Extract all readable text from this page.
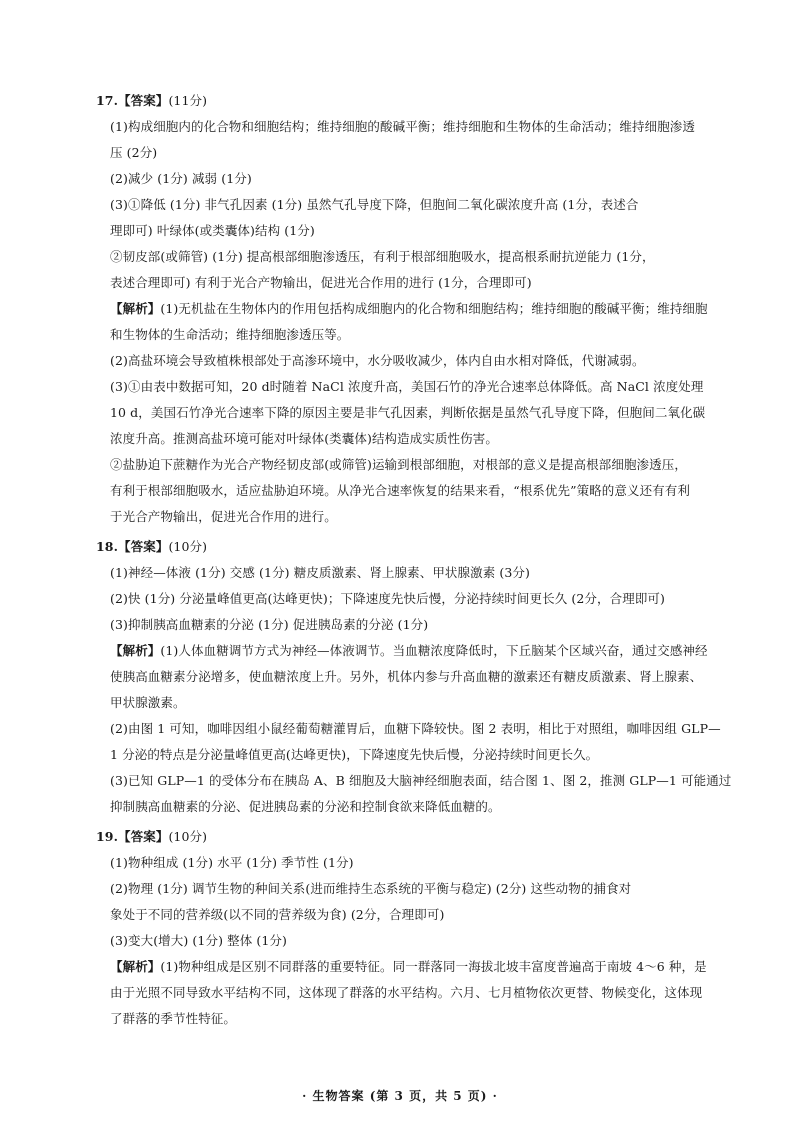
17.【答案】(11分)
(1)构成细胞内的化合物和细胞结构；维持细胞的酸碱平衡；维持细胞和生物体的生命活动；维持细胞渗透
压 (2分)
(2)减少 (1分) 减弱 (1分)
(3)①降低 (1分) 非气孔因素 (1分) 虽然气孔导度下降，但胞间二氧化碳浓度升高 (1分，表述合
理即可) 叶绿体(或类囊体)结构 (1分)
②韧皮部(或筛管) (1分) 提高根部细胞渗透压，有利于根部细胞吸水，提高根系耐抗逆能力 (1分，
表述合理即可) 有利于光合产物输出，促进光合作用的进行 (1分，合理即可)
【解析】(1)无机盐在生物体内的作用包括构成细胞内的化合物和细胞结构；维持细胞的酸碱平衡；维持细胞
和生物体的生命活动；维持细胞渗透压等。
(2)高盐环境会导致植株根部处于高渗环境中，水分吸收减少，体内自由水相对降低，代谢减弱。
(3)①由表中数据可知，20 d时随着 NaCl 浓度升高，美国石竹的净光合速率总体降低。高 NaCl 浓度处理
10 d，美国石竹净光合速率下降的原因主要是非气孔因素，判断依据是虽然气孔导度下降，但胞间二氧化碳
浓度升高。推测高盐环境可能对叶绿体(类囊体)结构造成实质性伤害。
②盐胁迫下蔗糖作为光合产物经韧皮部(或筛管)运输到根部细胞，对根部的意义是提高根部细胞渗透压，
有利于根部细胞吸水，适应盐胁迫环境。从净光合速率恢复的结果来看，“根系优先”策略的意义还有有利
于光合产物输出，促进光合作用的进行。
18.【答案】(10分)
(1)神经—体液 (1分) 交感 (1分) 糖皮质激素、肾上腺素、甲状腺激素 (3分)
(2)快 (1分) 分泌量峰值更高(达峰更快)；下降速度先快后慢，分泌持续时间更长久 (2分，合理即可)
(3)抑制胰高血糖素的分泌 (1分) 促进胰岛素的分泌 (1分)
【解析】(1)人体血糖调节方式为神经—体液调节。当血糖浓度降低时，下丘脑某个区域兴奋，通过交感神经
使胰高血糖素分泌增多，使血糖浓度上升。另外，机体内参与升高血糖的激素还有糖皮质激素、肾上腺素、
甲状腺激素。
(2)由图 1 可知，咖啡因组小鼠经葡萄糖灌胃后，血糖下降较快。图 2 表明，相比于对照组，咖啡因组 GLP—
1 分泌的特点是分泌量峰值更高(达峰更快)，下降速度先快后慢，分泌持续时间更长久。
(3)已知 GLP—1 的受体分布在胰岛 A、B 细胞及大脑神经细胞表面，结合图 1、图 2，推测 GLP—1 可能通过
抑制胰高血糖素的分泌、促进胰岛素的分泌和控制食欲来降低血糖的。
19.【答案】(10分)
(1)物种组成 (1分) 水平 (1分) 季节性 (1分)
(2)物理 (1分) 调节生物的种间关系(进而维持生态系统的平衡与稳定) (2分) 这些动物的捕食对
象处于不同的营养级(以不同的营养级为食) (2分，合理即可)
(3)变大(增大) (1分) 整体 (1分)
【解析】(1)物种组成是区别不同群落的重要特征。同一群落同一海拔北坡丰富度普遍高于南坡 4～6 种，是
由于光照不同导致水平结构不同，这体现了群落的水平结构。六月、七月植物依次更替、物候变化，这体现
了群落的季节性特征。
· 生物答案 (第 3 页，共 5 页) ·
